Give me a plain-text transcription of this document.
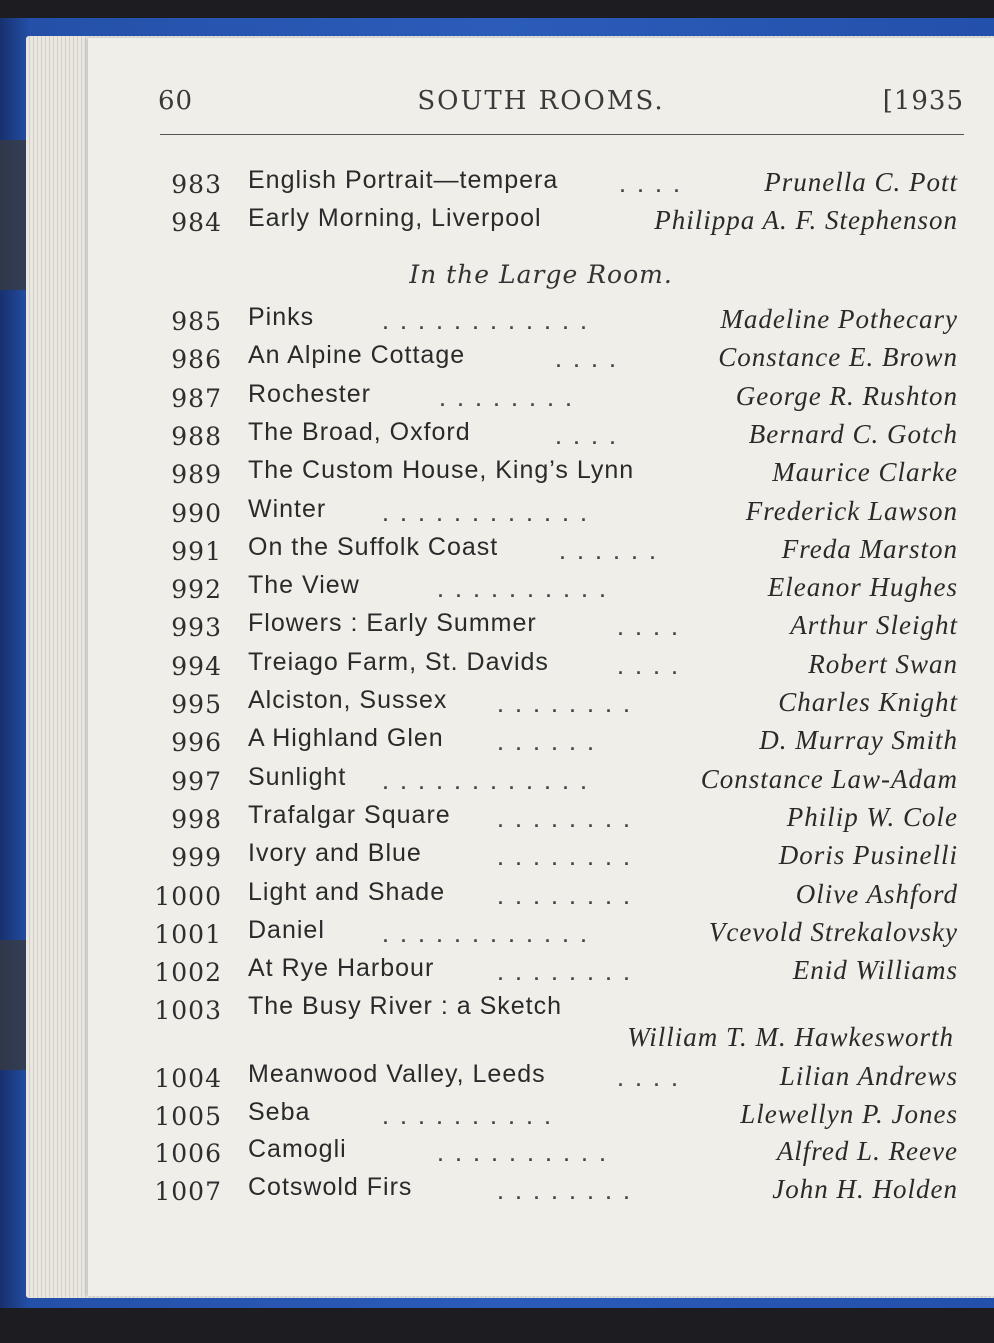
60	SOUTH ROOMS.	[1935
983 English Portrait—tempera	. . . .	Prunella C. Pott
984 Early Morning, Liverpool	Philippa A. F. Stephenson
In the Large Room.
985 Pinks	. . . . . . . . . . . .	Madeline Pothecary
986 An Alpine Cottage	. . . .	Constance E. Brown
987 Rochester	. . . . . . . .	George R. Rushton
988 The Broad, Oxford	. . . .	Bernard C. Gotch
989 The Custom House, King’s Lynn	Maurice Clarke
990 Winter	. . . . . . . . . . . .	Frederick Lawson
991 On the Suffolk Coast	. . . . . .	Freda Marston
992 The View	. . . . . . . . . .	Eleanor Hughes
993 Flowers : Early Summer	. . . .	Arthur Sleight
994 Treiago Farm, St. Davids	. . . .	Robert Swan
995 Alciston, Sussex	. . . . . . . .	Charles Knight
996 A Highland Glen	. . . . . .	D. Murray Smith
997 Sunlight . . . . . . . . . . . .	Constance Law-Adam
998 Trafalgar Square	. . . . . . . .	Philip W. Cole
999 Ivory and Blue	. . . . . . . .	Doris Pusinelli
1000 Light and Shade	. . . . . . . .	Olive Ashford
1001 Daniel	. . . . . . . . . . . .	Vcevold Strekalovsky
1002 At Rye Harbour	. . . . . . . .	Enid Williams
1003 The Busy River : a Sketch
William T. M. Hawkesworth
1004 Meanwood Valley, Leeds	. . . .	Lilian Andrews
1005 Seba	. . . . . . . . . .	Llewellyn P. Jones
1006 Camogli	. . . . . . . . . .	Alfred L. Reeve
1007 Cotswold Firs	. . . . . . . .	John H. Holden
